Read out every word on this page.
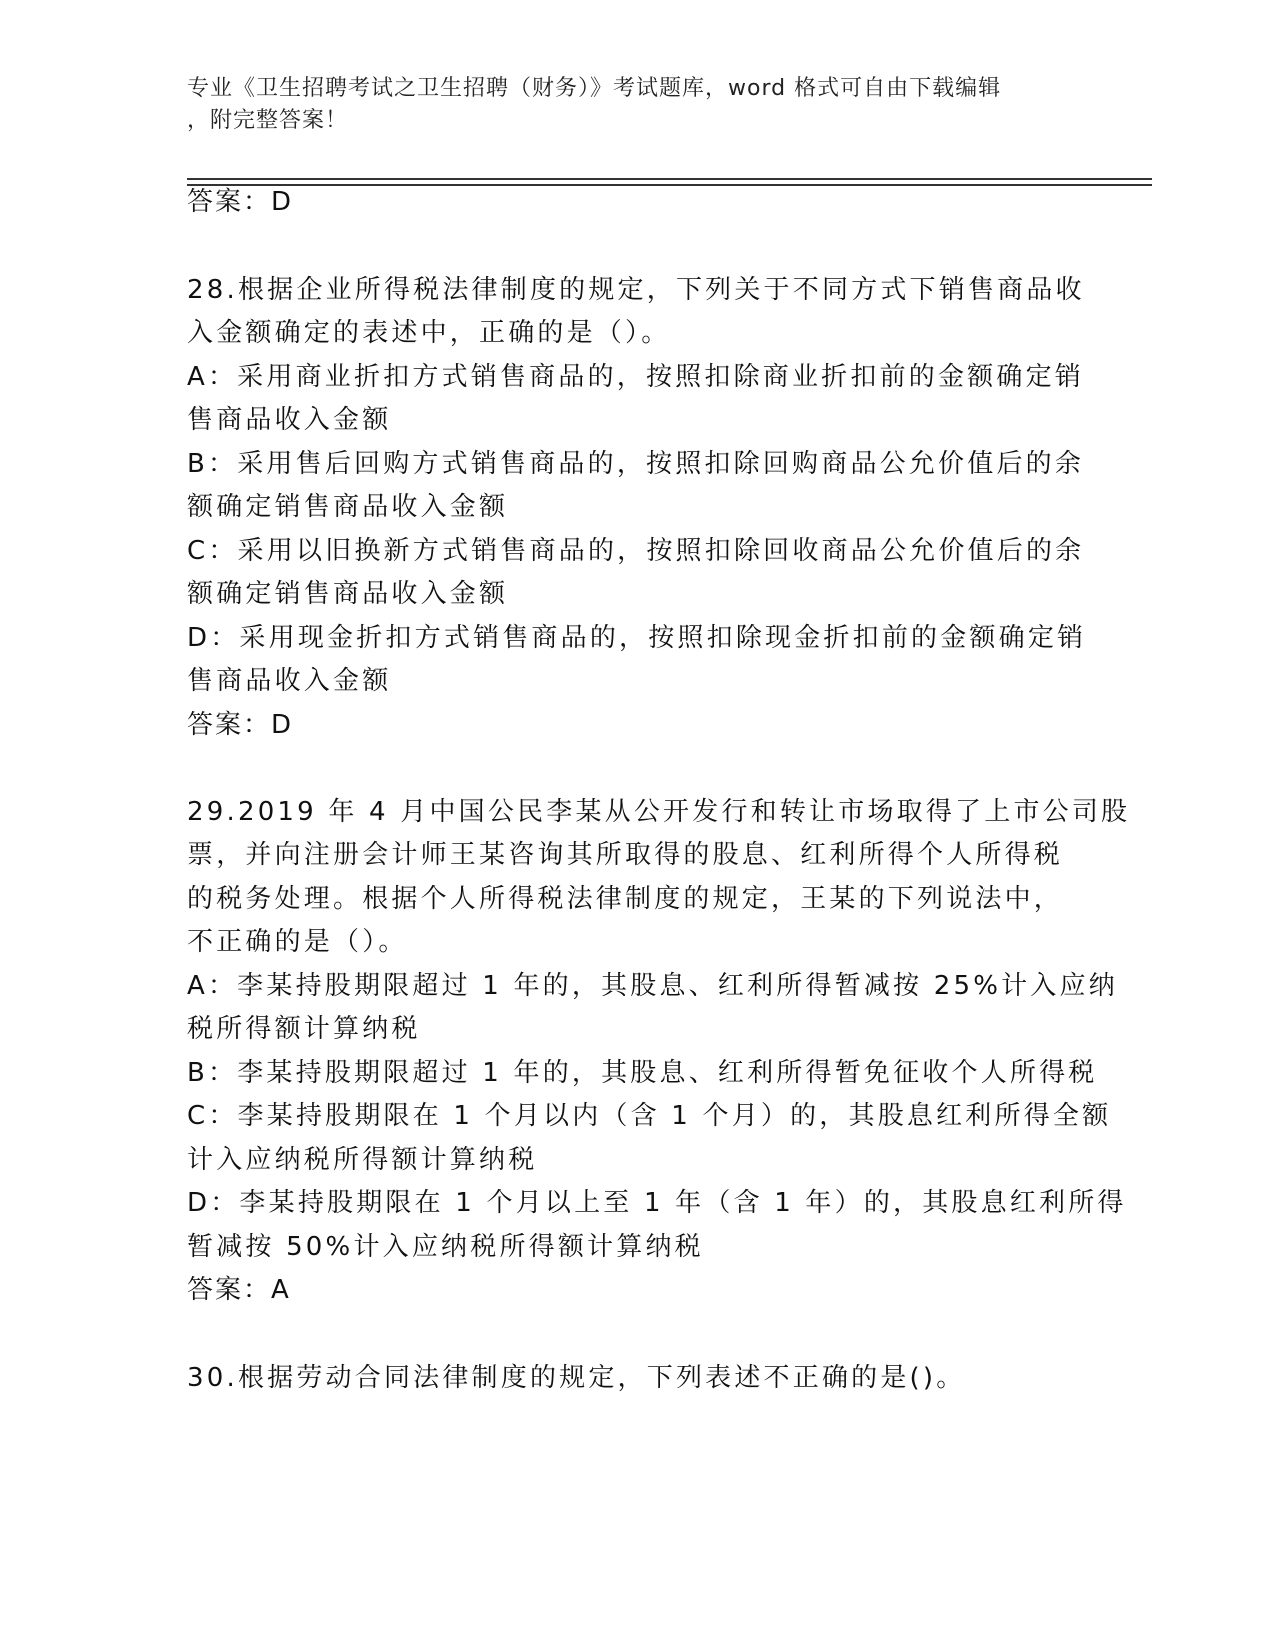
专业《卫生招聘考试之卫生招聘（财务）》考试题库，word 格式可自由下载编辑
，附完整答案！
答案：D
28.根据企业所得税法律制度的规定，下列关于不同方式下销售商品收
入金额确定的表述中，正确的是（）。
A：采用商业折扣方式销售商品的，按照扣除商业折扣前的金额确定销
售商品收入金额
B：采用售后回购方式销售商品的，按照扣除回购商品公允价值后的余
额确定销售商品收入金额
C：采用以旧换新方式销售商品的，按照扣除回收商品公允价值后的余
额确定销售商品收入金额
D：采用现金折扣方式销售商品的，按照扣除现金折扣前的金额确定销
售商品收入金额
答案：D
29.2019 年 4 月中国公民李某从公开发行和转让市场取得了上市公司股
票，并向注册会计师王某咨询其所取得的股息、红利所得个人所得税
的税务处理。根据个人所得税法律制度的规定，王某的下列说法中，
不正确的是（）。
A：李某持股期限超过 1 年的，其股息、红利所得暂减按 25%计入应纳
税所得额计算纳税
B：李某持股期限超过 1 年的，其股息、红利所得暂免征收个人所得税
C：李某持股期限在 1 个月以内（含 1 个月）的，其股息红利所得全额
计入应纳税所得额计算纳税
D：李某持股期限在 1 个月以上至 1 年（含 1 年）的，其股息红利所得
暂减按 50%计入应纳税所得额计算纳税
答案：A
30.根据劳动合同法律制度的规定，下列表述不正确的是()。
